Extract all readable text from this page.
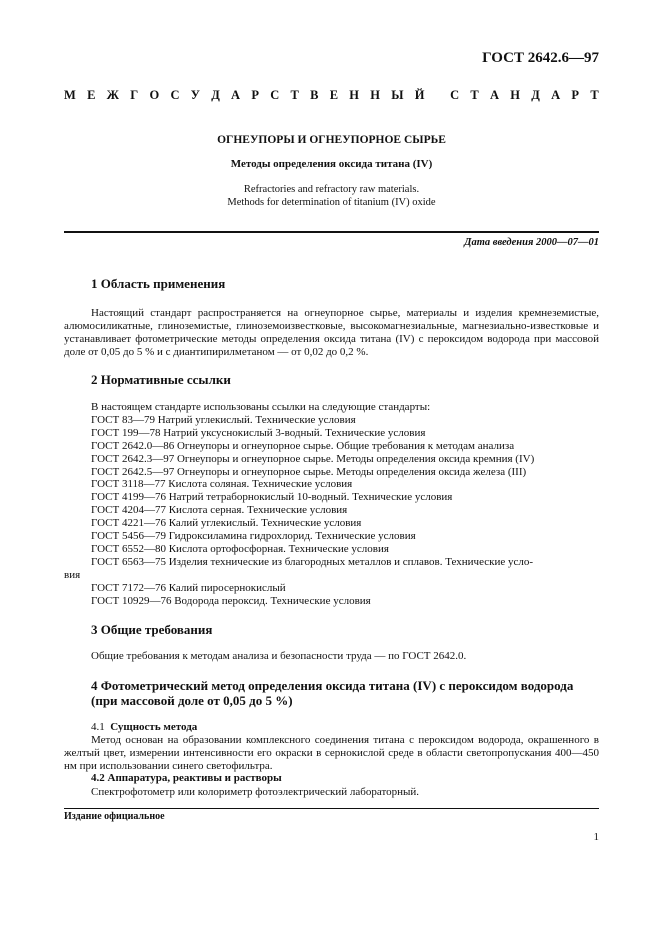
ГОСТ 2642.6—97
М Е Ж Г О С У Д А Р С Т В Е Н Н Ы Й
С Т А Н Д А Р Т
ОГНЕУПОРЫ И ОГНЕУПОРНОЕ СЫРЬЕ
Методы определения оксида титана (IV)
Refractories and refractory raw materials.
Methods for determination of titanium (IV) oxide
Дата введения 2000—07—01
1 Область применения
Настоящий стандарт распространяется на огнеупорное сырье, материалы и изделия кремнеземистые, алюмосиликатные, глиноземистые, глиноземоизвестковые, высокомагнезиальные, магнезиально-известковые и устанавливает фотометрические методы определения оксида титана (IV) с пероксидом водорода при массовой доле от 0,05 до 5 % и с диантипирилметаном — от 0,02 до 0,2 %.
2 Нормативные ссылки
В настоящем стандарте использованы ссылки на следующие стандарты:
ГОСТ 83—79 Натрий углекислый. Технические условия
ГОСТ 199—78 Натрий уксуснокислый 3-водный. Технические условия
ГОСТ 2642.0—86 Огнеупоры и огнеупорное сырье. Общие требования к методам анализа
ГОСТ 2642.3—97 Огнеупоры и огнеупорное сырье. Методы определения оксида кремния (IV)
ГОСТ 2642.5—97 Огнеупоры и огнеупорное сырье. Методы определения оксида железа (III)
ГОСТ 3118—77 Кислота соляная. Технические условия
ГОСТ 4199—76 Натрий тетраборнокислый 10-водный. Технические условия
ГОСТ 4204—77 Кислота серная. Технические условия
ГОСТ 4221—76 Калий углекислый. Технические условия
ГОСТ 5456—79 Гидроксиламина гидрохлорид. Технические условия
ГОСТ 6552—80 Кислота ортофосфорная. Технические условия
ГОСТ 6563—75 Изделия технические из благородных металлов и сплавов. Технические усло-
вия
ГОСТ 7172—76 Калий пиросернокислый
ГОСТ 10929—76 Водорода пероксид. Технические условия
3 Общие требования
Общие требования к методам анализа и безопасности труда — по ГОСТ 2642.0.
4 Фотометрический метод определения оксида титана (IV) с пероксидом водорода (при массовой доле от 0,05 до 5 %)
4.1 Сущность метода
Метод основан на образовании комплексного соединения титана с пероксидом водорода, окрашенного в желтый цвет, измерении интенсивности его окраски в сернокислой среде в области светопропускания 400—450 нм при использовании синего светофильтра.
4.2 Аппаратура, реактивы и растворы
Спектрофотометр или колориметр фотоэлектрический лабораторный.
Издание официальное
1
